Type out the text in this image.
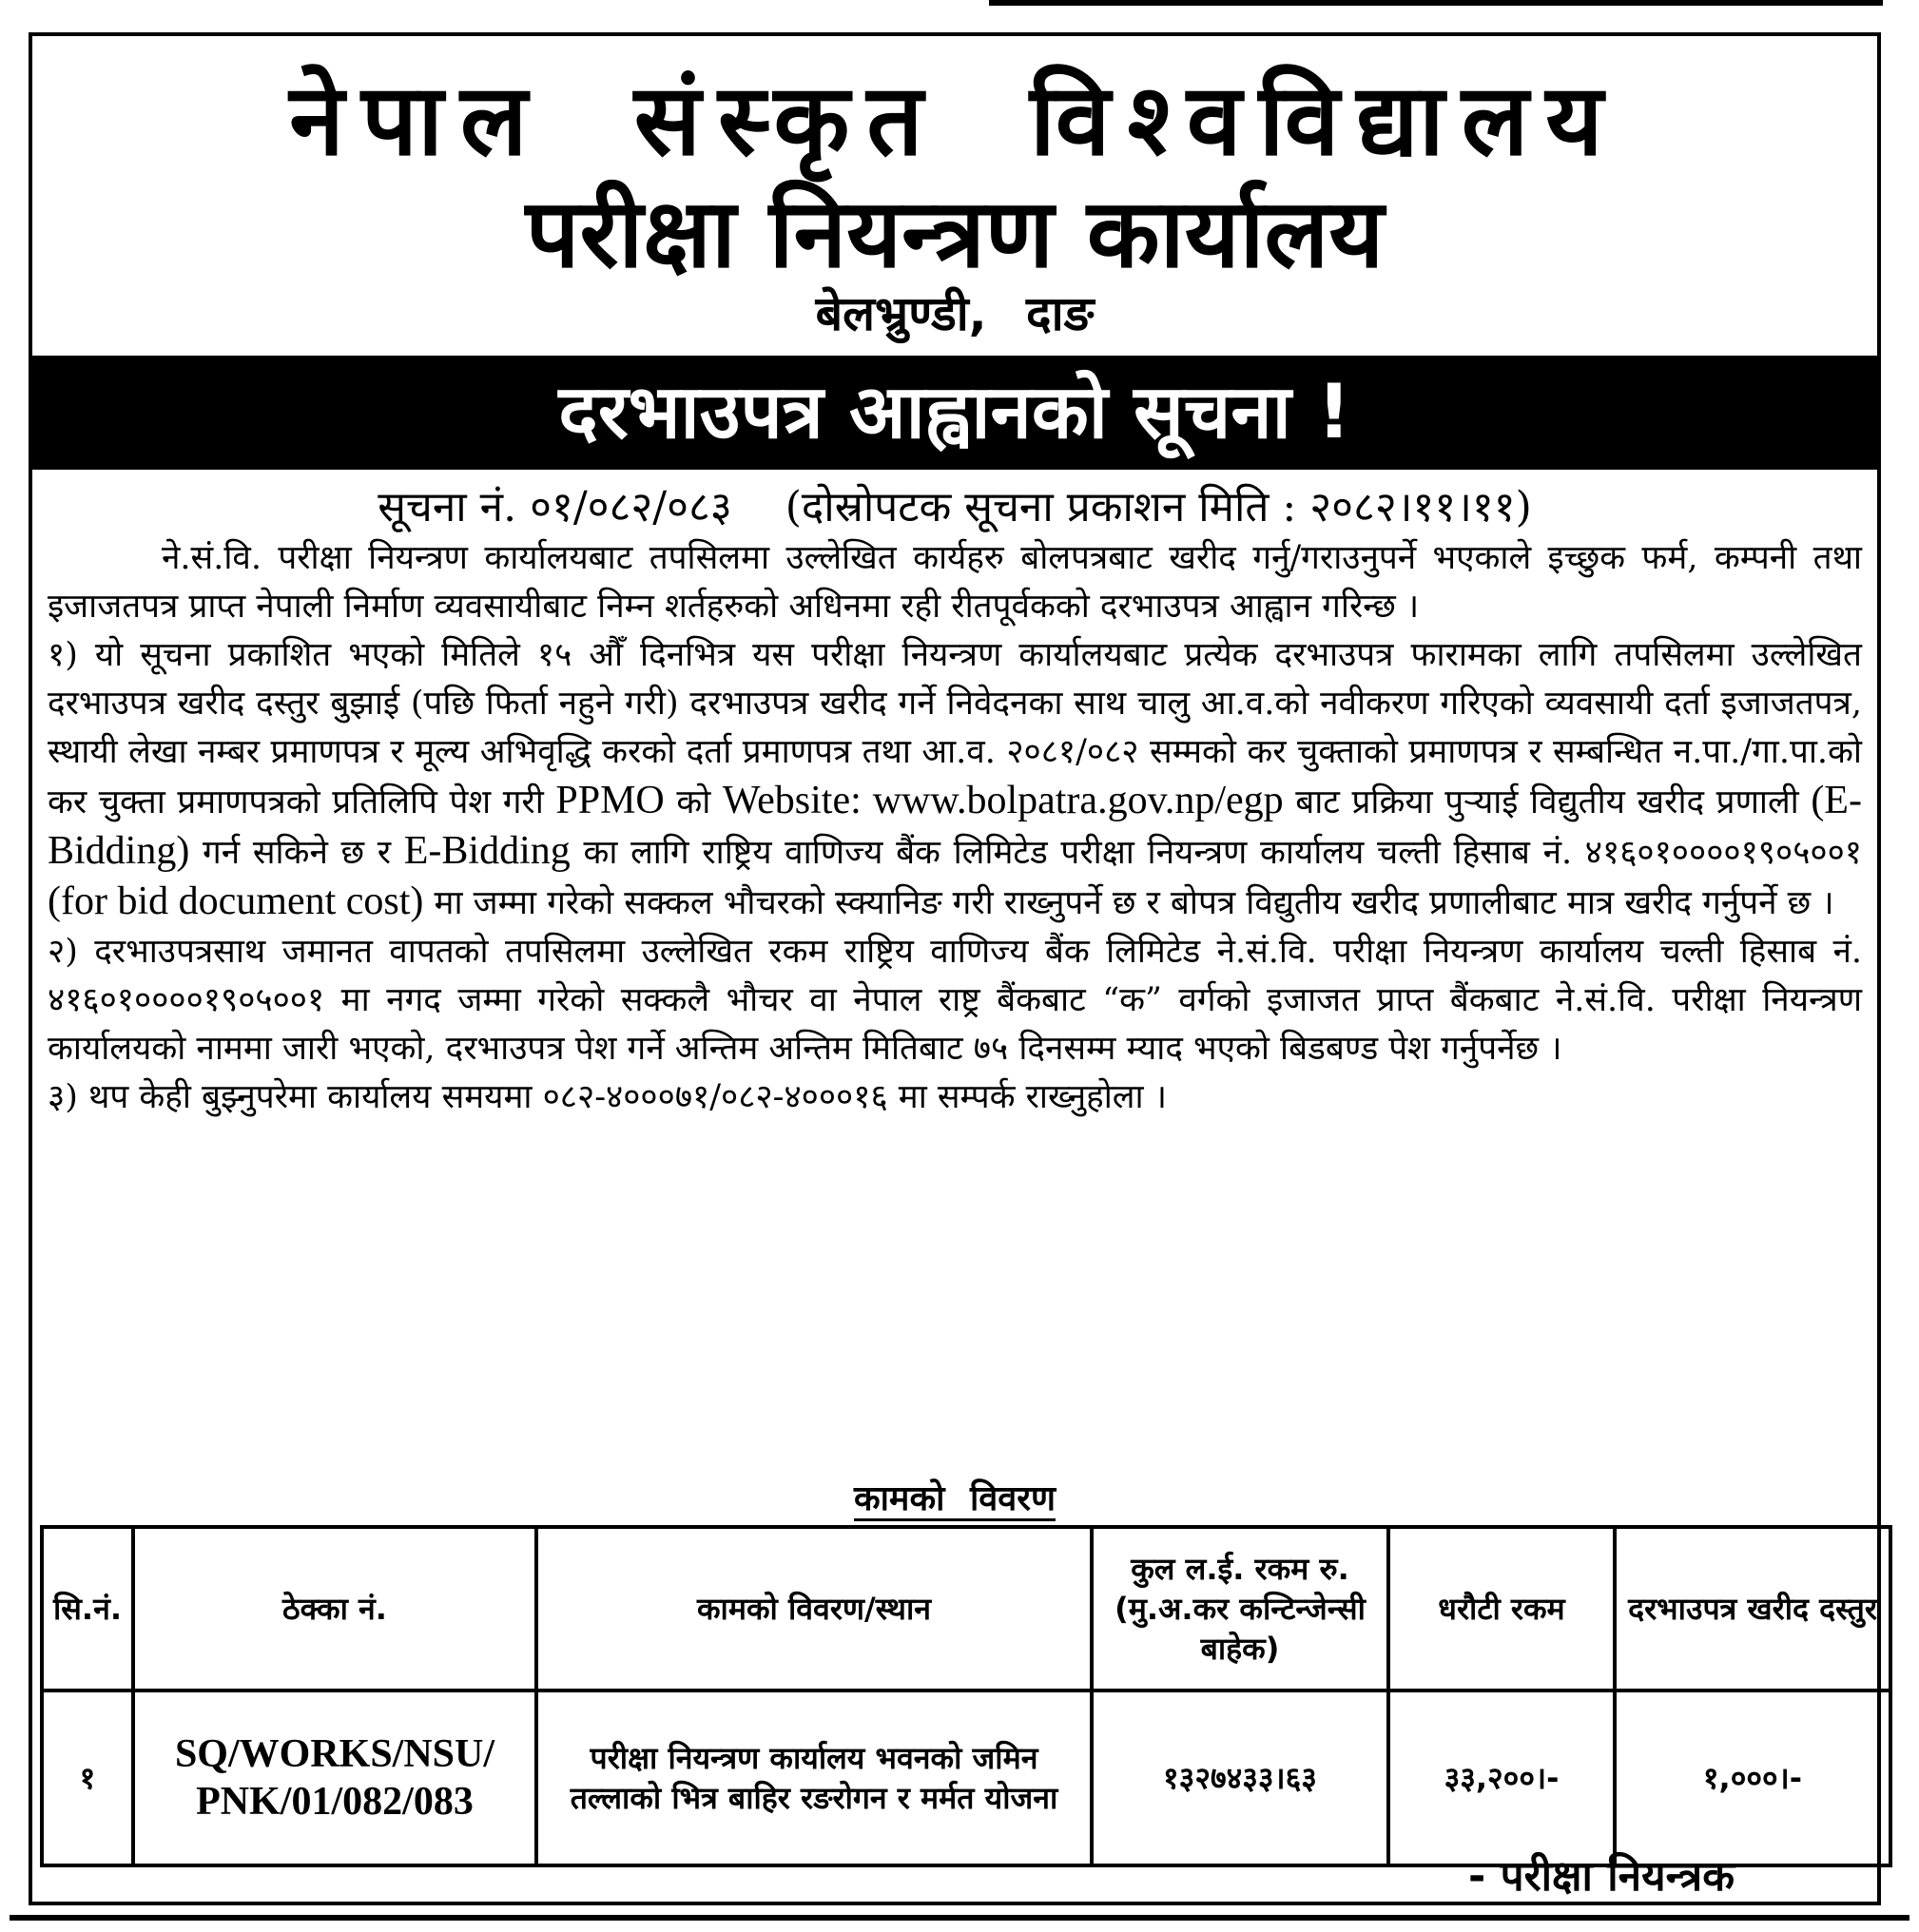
नेपाल संस्कृत विश्वविद्यालय
परीक्षा नियन्त्रण कार्यालय
बेलभ्रुण्डी, दाङ
दरभाउपत्र आह्वानको सूचना !
सूचना नं. ०१/०८२/०८३ (दोस्रोपटक सूचना प्रकाशन मिति : २०८२।११।११)

ने.सं.वि. परीक्षा नियन्त्रण कार्यालयबाट तपसिलमा उल्लेखित कार्यहरु बोलपत्रबाट खरीद गर्नु/गराउनुपर्ने भएकाले इच्छुक फर्म, कम्पनी तथा इजाजतपत्र प्राप्त नेपाली निर्माण व्यवसायीबाट निम्न शर्तहरुको अधिनमा रही रीतपूर्वकको दरभाउपत्र आह्वान गरिन्छ ।

१) यो सूचना प्रकाशित भएको मितिले १५ औँ दिनभित्र यस परीक्षा नियन्त्रण कार्यालयबाट प्रत्येक दरभाउपत्र फारामका लागि तपसिलमा उल्लेखित दरभाउपत्र खरीद दस्तुर बुझाई (पछि फिर्ता नहुने गरी) दरभाउपत्र खरीद गर्ने निवेदनका साथ चालु आ.व.को नवीकरण गरिएको व्यवसायी दर्ता इजाजतपत्र, स्थायी लेखा नम्बर प्रमाणपत्र र मूल्य अभिवृद्धि करको दर्ता प्रमाणपत्र तथा आ.व. २०८१/०८२ सम्मको कर चुक्ताको प्रमाणपत्र र सम्बन्धित न.पा./गा.पा.को कर चुक्ता प्रमाणपत्रको प्रतिलिपि पेश गरी PPMO को Website: www.bolpatra.gov.np/egp बाट प्रक्रिया पुर्‍याई विद्युतीय खरीद प्रणाली (E-Bidding) गर्न सकिने छ र E-Bidding का लागि राष्ट्रिय वाणिज्य बैंक लिमिटेड परीक्षा नियन्त्रण कार्यालय चल्ती हिसाब नं. ४१६०१००००१९०५००१ (for bid document cost) मा जम्मा गरेको सक्कल भौचरको स्क्यानिङ गरी राख्नुपर्ने छ र बोपत्र विद्युतीय खरीद प्रणालीबाट मात्र खरीद गर्नुपर्ने छ ।

२) दरभाउपत्रसाथ जमानत वापतको तपसिलमा उल्लेखित रकम राष्ट्रिय वाणिज्य बैंक लिमिटेड ने.सं.वि. परीक्षा नियन्त्रण कार्यालय चल्ती हिसाब नं. ४१६०१००००१९०५००१ मा नगद जम्मा गरेको सक्कलै भौचर वा नेपाल राष्ट्र बैंकबाट “क” वर्गको इजाजत प्राप्त बैंकबाट ने.सं.वि. परीक्षा नियन्त्रण कार्यालयको नाममा जारी भएको, दरभाउपत्र पेश गर्ने अन्तिम अन्तिम मितिबाट ७५ दिनसम्म म्याद भएको बिडबण्ड पेश गर्नुपर्नेछ ।

३) थप केही बुझ्नुपरेमा कार्यालय समयमा ०८२-४०००७१/०८२-४०००१६ मा सम्पर्क राख्नुहोला ।

कामको विवरण
सि.नं.	ठेक्का नं.	कामको विवरण/स्थान	कुल ल.ई. रकम रु. (मु.अ.कर कन्टिन्जेन्सी बाहेक)	धरौटी रकम	दरभाउपत्र खरीद दस्तुर
१	SQ/WORKS/NSU/ PNK/01/082/083	परीक्षा नियन्त्रण कार्यालय भवनको जमिन तल्लाको भित्र बाहिर रङरोगन र मर्मत योजना	१३२७४३३।६३	३३,२००।-	१,०००।-
- परीक्षा नियन्त्रक
